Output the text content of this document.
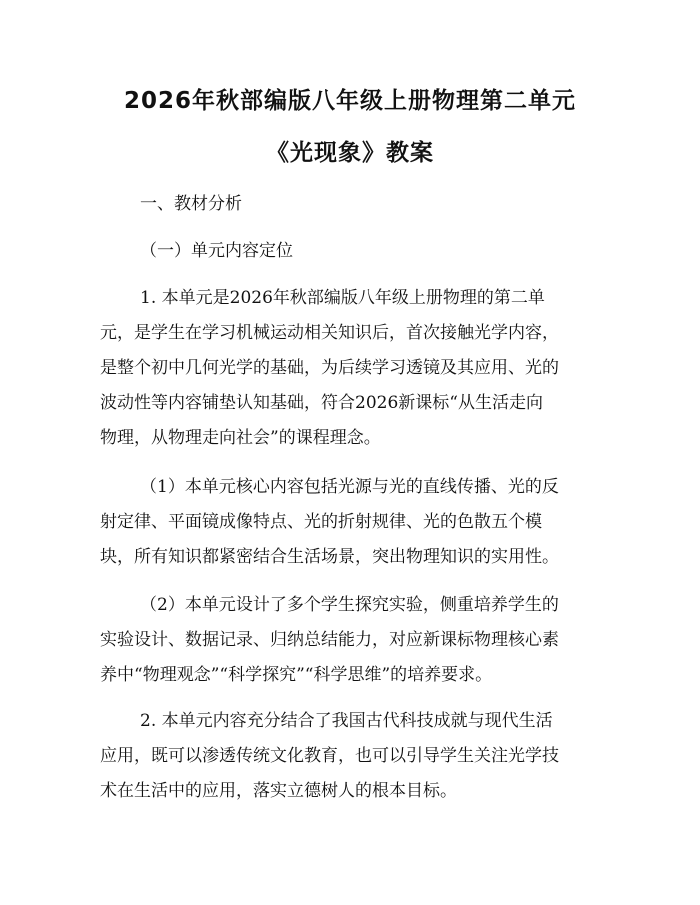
2026年秋部编版八年级上册物理第二单元
《光现象》教案

一、教材分析

（一）单元内容定位

1. 本单元是2026年秋部编版八年级上册物理的第二单
元，是学生在学习机械运动相关知识后，首次接触光学内容，
是整个初中几何光学的基础，为后续学习透镜及其应用、光的
波动性等内容铺垫认知基础，符合2026新课标“从生活走向
物理，从物理走向社会”的课程理念。
（1）本单元核心内容包括光源与光的直线传播、光的反
射定律、平面镜成像特点、光的折射规律、光的色散五个模
块，所有知识都紧密结合生活场景，突出物理知识的实用性。
（2）本单元设计了多个学生探究实验，侧重培养学生的
实验设计、数据记录、归纳总结能力，对应新课标物理核心素
养中“物理观念”“科学探究”“科学思维”的培养要求。
2. 本单元内容充分结合了我国古代科技成就与现代生活
应用，既可以渗透传统文化教育，也可以引导学生关注光学技
术在生活中的应用，落实立德树人的根本目标。
